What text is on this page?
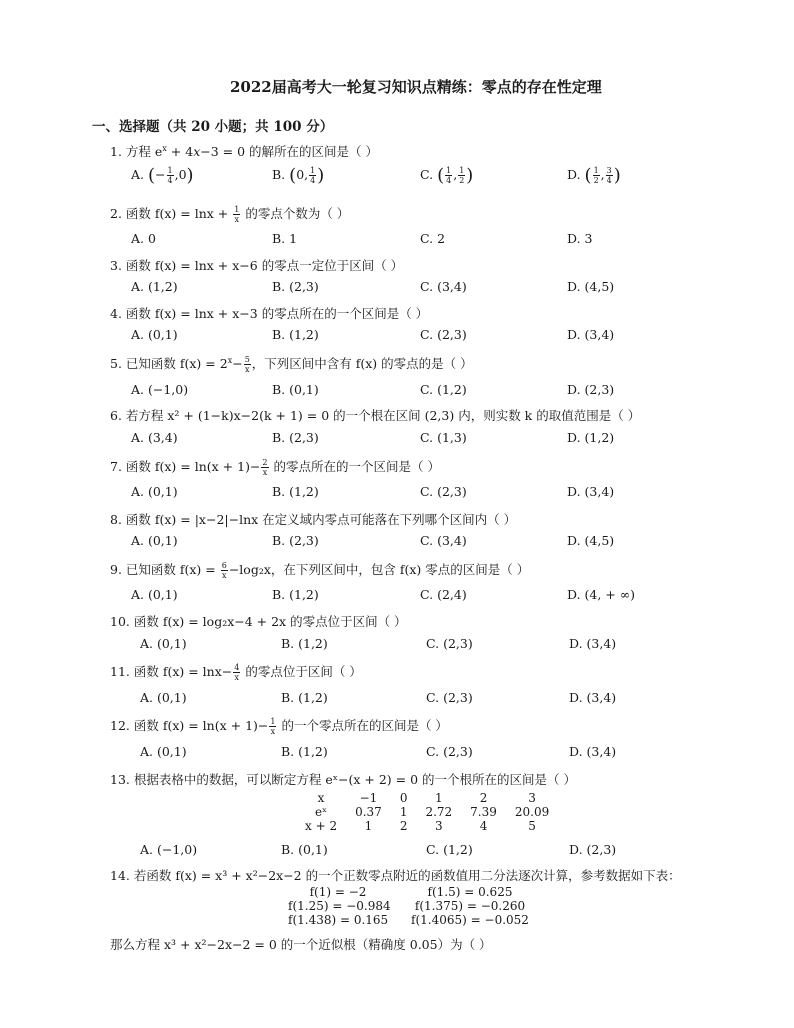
2022届高考大一轮复习知识点精练：零点的存在性定理
一、选择题（共 20 小题；共 100 分）
1. 方程 $e^x + 4x-3 = 0$ 的解所在的区间是（ ）
A. (− $\frac{1}{4} ,0$)	B. (0, $\frac{1}{4}$ )	C. ( $\frac{1}{4}$ , $\frac{1}{2}$ )	D. ( $\frac{1}{2}$ , $\frac{3}{4}$ )
2. 函数 $f(x) = \ln x + \frac{1}{x}$ 的零点个数为（ ）
A. 0	B. 1	C. 2	D. 3
3. 函数 f(x) = lnx + x−6 的零点一定位于区间（ ）
A. (1,2)	B. (2,3)	C. (3,4)	D. (4,5)
4. 函数 f(x) = lnx + x−3 的零点所在的一个区间是（ ）
A. (0,1)	B. (1,2)	C. (2,3)	D. (3,4)
5. 已知函数 $f(x) = 2^x- \frac{5}{x}$ ，下列区间中含有 f(x) 的零点的是（ ）
A. (−1,0)	B. (0,1)	C. (1,2)	D. (2,3)
6. 若方程 x² + (1−k)x−2(k + 1) = 0 的一个根在区间 (2,3) 内，则实数 k 的取值范围是（ ）
A. (3,4)	B. (2,3)	C. (1,3)	D. (1,2)
7. 函数 $f(x) = \ln(x + 1)- \frac{2}{x}$ 的零点所在的一个区间是（ ）
A. (0,1)	B. (1,2)	C. (2,3)	D. (3,4)
8. 函数 f(x) = |x−2|−lnx 在定义域内零点可能落在下列哪个区间内（ ）
A. (0,1)	B. (2,3)	C. (3,4)	D. (4,5)
9. 已知函数 $f(x) = \frac{6}{x} -\log_2x$，在下列区间中，包含 f(x) 零点的区间是（ ）
A. (0,1)	B. (1,2)	C. (2,4)	D. (4, + ∞)
10. 函数 f(x) = log₂x−4 + 2x 的零点位于区间（ ）
A. (0,1)	B. (1,2)	C. (2,3)	D. (3,4)
11. 函数 $f(x) = \ln x- \frac{4}{x}$ 的零点位于区间（ ）
A. (0,1)	B. (1,2)	C. (2,3)	D. (3,4)
12. 函数 $f(x) = \ln(x + 1)- \frac{1}{x}$ 的一个零点所在的区间是（ ）
A. (0,1)	B. (1,2)	C. (2,3)	D. (3,4)
13. 根据表格中的数据，可以断定方程 eˣ−(x + 2) = 0 的一个根所在的区间是（ ）
x	−1	0	1	2	3
eˣ	0.37	1	2.72	7.39	20.09
x + 2	1	2	3	4	5
A. (−1,0)	B. (0,1)	C. (1,2)	D. (2,3)
14. 若函数 f(x) = x³ + x²−2x−2 的一个正数零点附近的函数值用二分法逐次计算，参考数据如下表：
f(1) = −2	f(1.5) = 0.625
f(1.25) = −0.984	f(1.375) = −0.260
f(1.438) = 0.165 f(1.4065) = −0.052
那么方程 x³ + x²−2x−2 = 0 的一个近似根（精确度 0.05）为（ ）
